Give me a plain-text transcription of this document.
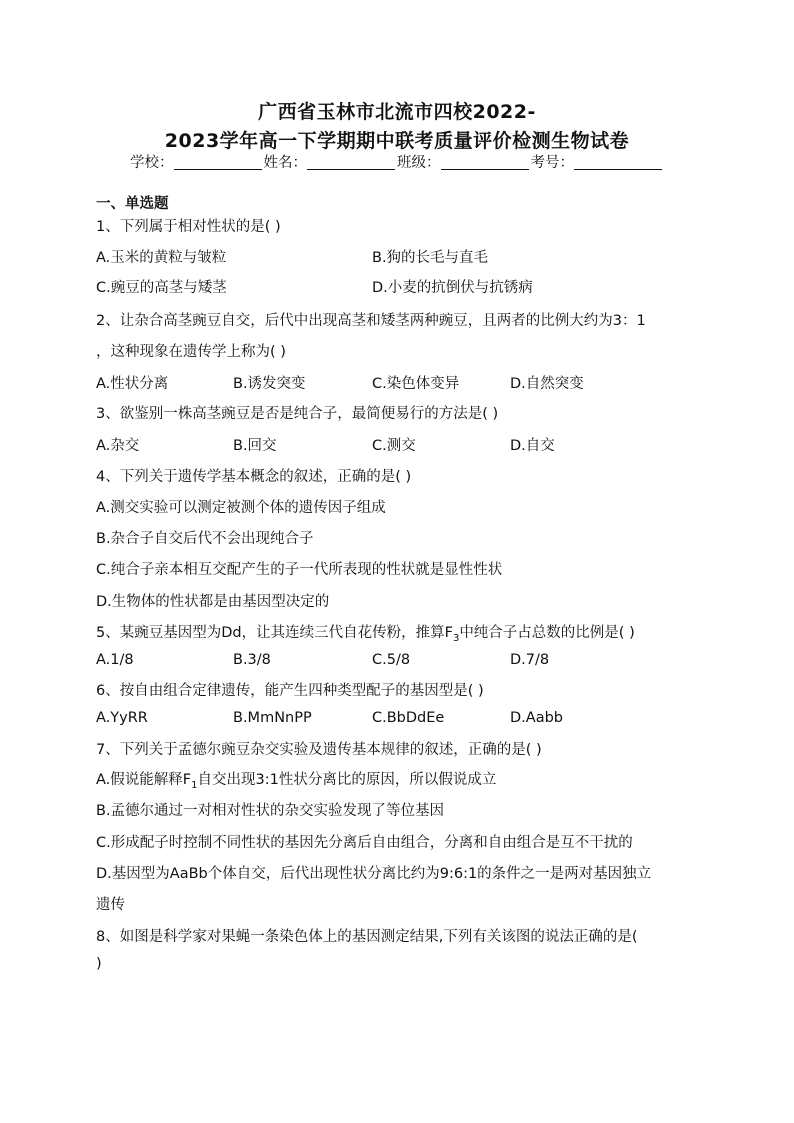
广西省玉林市北流市四校2022-
2023学年高一下学期期中联考质量评价检测生物试卷
学校：	姓名：	班级：	考号：
一、单选题
1、下列属于相对性状的是( )
A.玉米的黄粒与皱粒	B.狗的长毛与直毛
C.豌豆的高茎与矮茎	D.小麦的抗倒伏与抗锈病
2、让杂合高茎豌豆自交，后代中出现高茎和矮茎两种豌豆，且两者的比例大约为3：1
，这种现象在遗传学上称为( )
A.性状分离	B.诱发突变	C.染色体变异	D.自然突变
3、欲鉴别一株高茎豌豆是否是纯合子，最简便易行的方法是( )
A.杂交	B.回交	C.测交	D.自交
4、下列关于遗传学基本概念的叙述，正确的是( )
A.测交实验可以测定被测个体的遗传因子组成
B.杂合子自交后代不会出现纯合子
C.纯合子亲本相互交配产生的子一代所表现的性状就是显性性状
D.生物体的性状都是由基因型决定的
5、某豌豆基因型为Dd，让其连续三代自花传粉，推算$F_3$中纯合子占总数的比例是( )
A.1/8	B.3/8	C.5/8	D.7/8
6、按自由组合定律遗传，能产生四种类型配子的基因型是( )
A.YyRR	B.MmNnPP	C.BbDdEe	D.Aabb
7、下列关于孟德尔豌豆杂交实验及遗传基本规律的叙述，正确的是( )
A.假说能解释$F_1$自交出现3:1性状分离比的原因，所以假说成立
B.孟德尔通过一对相对性状的杂交实验发现了等位基因
C.形成配子时控制不同性状的基因先分离后自由组合，分离和自由组合是互不干扰的
D.基因型为AaBb个体自交，后代出现性状分离比约为9:6:1的条件之一是两对基因独立
遗传
8、如图是科学家对果蝇一条染色体上的基因测定结果,下列有关该图的说法正确的是(
)
